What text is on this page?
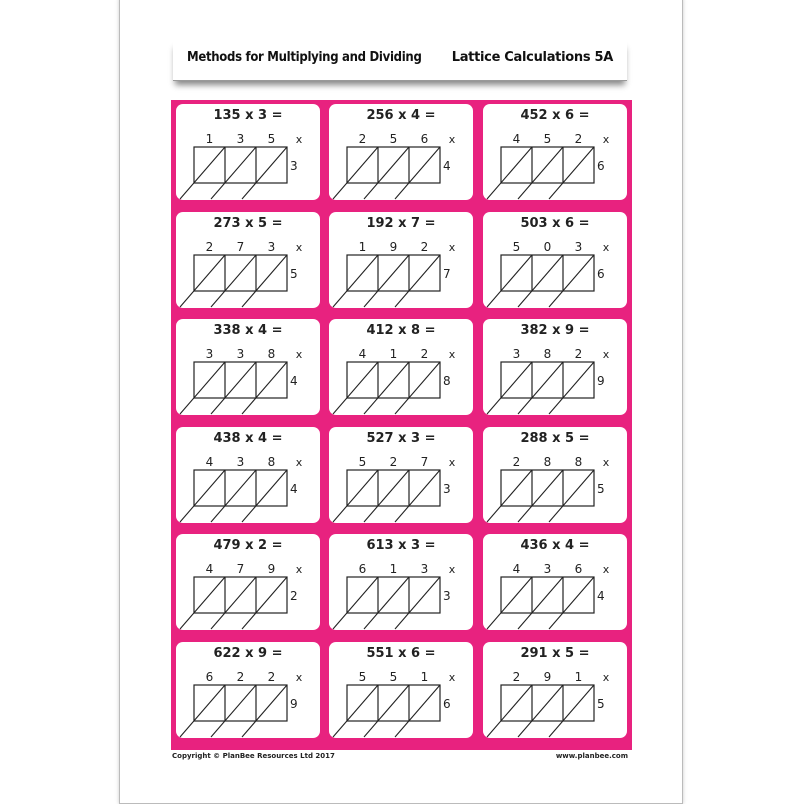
Methods for Multiplying and Dividing Lattice Calculations 5A
135 x 3 =
1 3 5 x
3
256 x 4 =
2 5 6 x
4
452 x 6 =
4 5 2 x
6
273 x 5 =
2 7 3 x
5
192 x 7 =
1 9 2 x
7
503 x 6 =
5 0 3 x
6
338 x 4 =
3 3 8 x
4
412 x 8 =
4 1 2 x
8
382 x 9 =
3 8 2 x
9
438 x 4 =
4 3 8 x
4
527 x 3 =
5 2 7 x
3
288 x 5 =
2 8 8 x
5
479 x 2 =
4 7 9 x
2
613 x 3 =
6 1 3 x
3
436 x 4 =
4 3 6 x
4
622 x 9 =
6 2 2 x
9
551 x 6 =
5 5 1 x
6
291 x 5 =
2 9 1 x
5
Copyright © PlanBee Resources Ltd 2017	www.planbee.com
